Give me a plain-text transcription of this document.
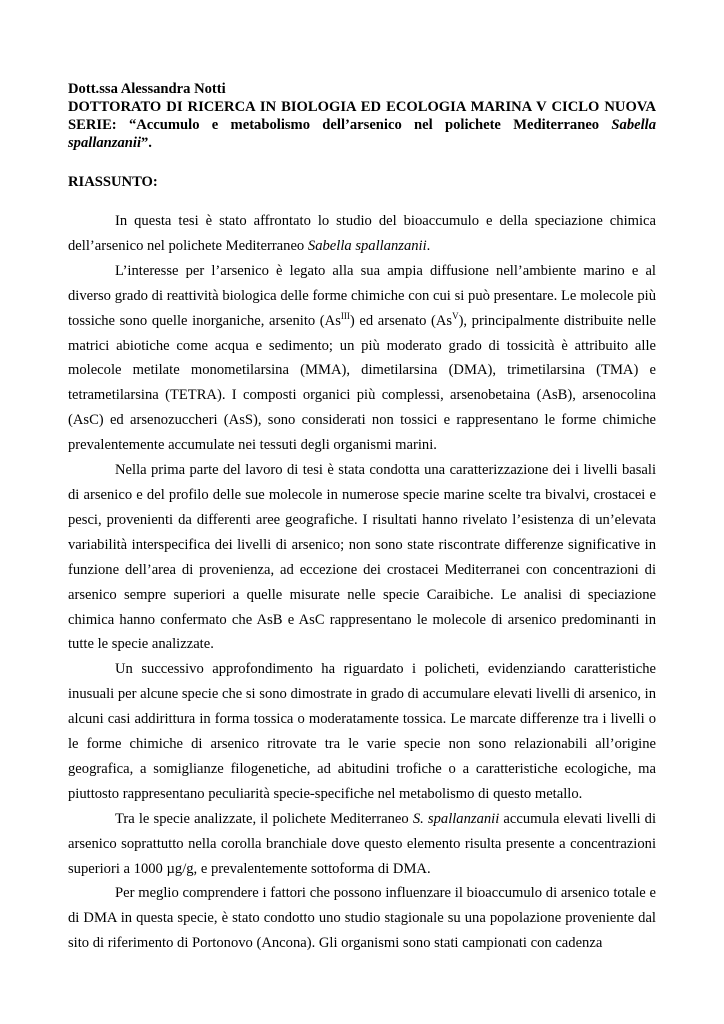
Dott.ssa Alessandra Notti
DOTTORATO DI RICERCA IN BIOLOGIA ED ECOLOGIA MARINA V CICLO NUOVA
SERIE: “Accumulo e metabolismo dell’arsenico nel polichete Mediterraneo Sabella spallanzanii”.
RIASSUNTO:

In questa tesi è stato affrontato lo studio del bioaccumulo e della speciazione chimica dell’arsenico nel polichete Mediterraneo Sabella spallanzanii.

L’interesse per l’arsenico è legato alla sua ampia diffusione nell’ambiente marino e al diverso grado di reattività biologica delle forme chimiche con cui si può presentare. Le molecole più tossiche sono quelle inorganiche, arsenito $(As^{III})$ ed arsenato $(As^V)$, principalmente distribuite nelle matrici abiotiche come acqua e sedimento; un più moderato grado di tossicità è attribuito alle molecole metilate monometilarsina (MMA), dimetilarsina (DMA), trimetilarsina (TMA) e tetrametilarsina (TETRA). I composti organici più complessi, arsenobetaina (AsB), arsenocolina (AsC) ed arsenozuccheri (AsS), sono considerati non tossici e rappresentano le forme chimiche prevalentemente accumulate nei tessuti degli organismi marini.

Nella prima parte del lavoro di tesi è stata condotta una caratterizzazione dei i livelli basali di arsenico e del profilo delle sue molecole in numerose specie marine scelte tra bivalvi, crostacei e pesci, provenienti da differenti aree geografiche. I risultati hanno rivelato l’esistenza di un’elevata variabilità interspecifica dei livelli di arsenico; non sono state riscontrate differenze significative in funzione dell’area di provenienza, ad eccezione dei crostacei Mediterranei con concentrazioni di arsenico sempre superiori a quelle misurate nelle specie Caraibiche. Le analisi di speciazione chimica hanno confermato che AsB e AsC rappresentano le molecole di arsenico predominanti in tutte le specie analizzate.

Un successivo approfondimento ha riguardato i policheti, evidenziando caratteristiche inusuali per alcune specie che si sono dimostrate in grado di accumulare elevati livelli di arsenico, in alcuni casi addirittura in forma tossica o moderatamente tossica. Le marcate differenze tra i livelli o le forme chimiche di arsenico ritrovate tra le varie specie non sono relazionabili all’origine geografica, a somiglianze filogenetiche, ad abitudini trofiche o a caratteristiche ecologiche, ma piuttosto rappresentano peculiarità specie-specifiche nel metabolismo di questo metallo.

Tra le specie analizzate, il polichete Mediterraneo S. spallanzanii accumula elevati livelli di arsenico soprattutto nella corolla branchiale dove questo elemento risulta presente a concentrazioni superiori a 1000 µg/g, e prevalentemente sottoforma di DMA.

Per meglio comprendere i fattori che possono influenzare il bioaccumulo di arsenico totale e di DMA in questa specie, è stato condotto uno studio stagionale su una popolazione proveniente dal sito di riferimento di Portonovo (Ancona). Gli organismi sono stati campionati con cadenza
